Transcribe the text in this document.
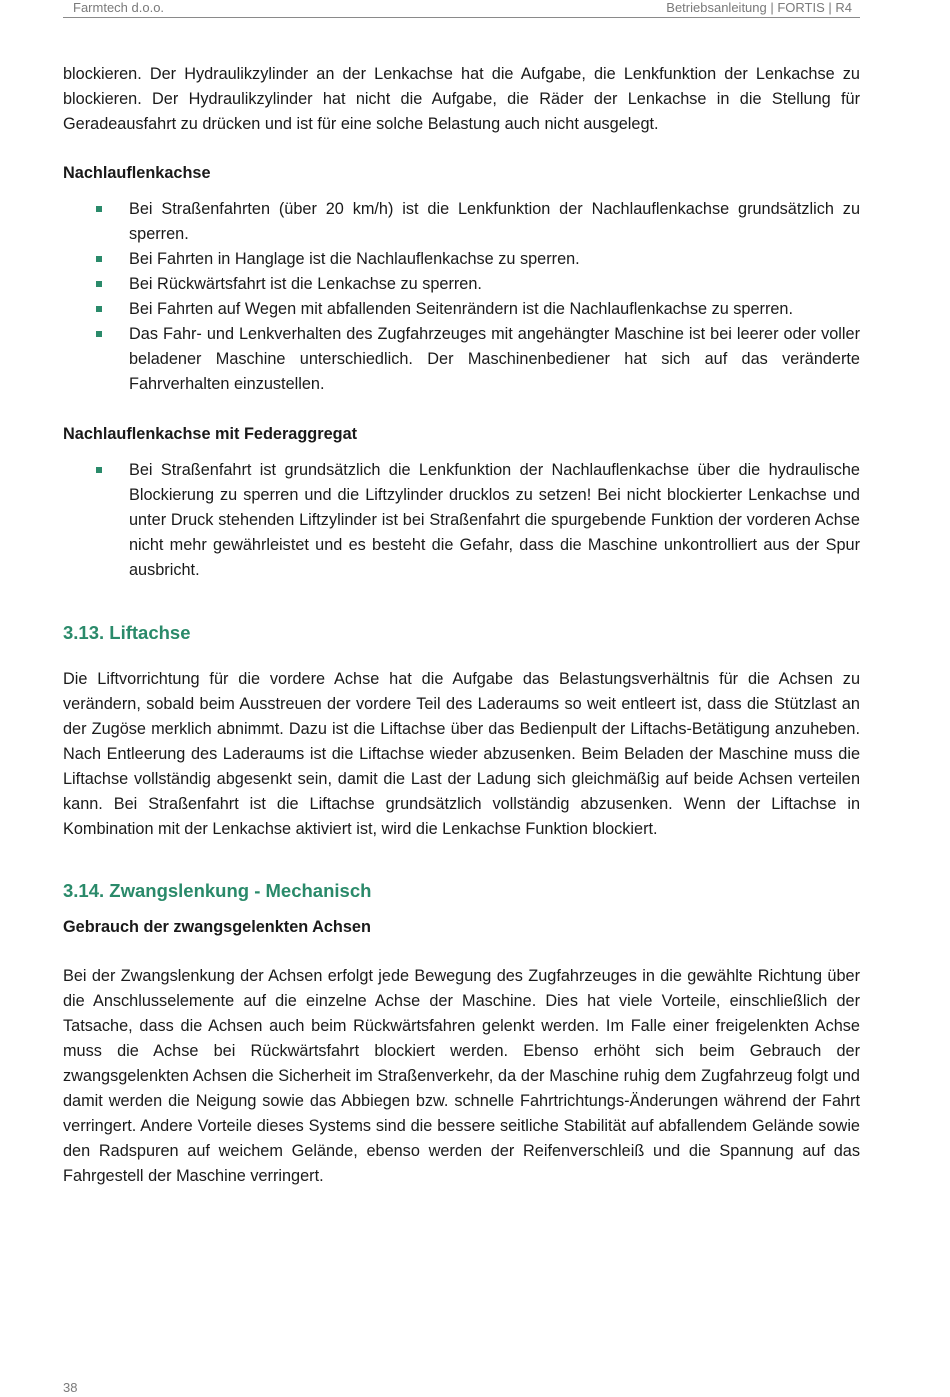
Farmtech d.o.o.	Betriebsanleitung | FORTIS | R4

blockieren. Der Hydraulikzylinder an der Lenkachse hat die Aufgabe, die Lenkfunktion der Lenkachse zu blockieren. Der Hydraulikzylinder hat nicht die Aufgabe, die Räder der Lenkachse in die Stellung für Geradeausfahrt zu drücken und ist für eine solche Belastung auch nicht ausgelegt.

Nachlauflenkachse
Bei Straßenfahrten (über 20 km/h) ist die Lenkfunktion der Nachlauflenkachse grundsätzlich zu sperren.
Bei Fahrten in Hanglage ist die Nachlauflenkachse zu sperren.
Bei Rückwärtsfahrt ist die Lenkachse zu sperren.
Bei Fahrten auf Wegen mit abfallenden Seitenrändern ist die Nachlauflenkachse zu sperren.
Das Fahr- und Lenkverhalten des Zugfahrzeuges mit angehängter Maschine ist bei leerer oder voller beladener Maschine unterschiedlich. Der Maschinenbediener hat sich auf das veränderte Fahrverhalten einzustellen.
Nachlauflenkachse mit Federaggregat
Bei Straßenfahrt ist grundsätzlich die Lenkfunktion der Nachlauflenkachse über die hydraulische Blockierung zu sperren und die Liftzylinder drucklos zu setzen! Bei nicht blockierter Lenkachse und unter Druck stehenden Liftzylinder ist bei Straßenfahrt die spurgebende Funktion der vorderen Achse nicht mehr gewährleistet und es besteht die Gefahr, dass die Maschine unkontrolliert aus der Spur ausbricht.
3.13. Liftachse

Die Liftvorrichtung für die vordere Achse hat die Aufgabe das Belastungsverhältnis für die Achsen zu verändern, sobald beim Ausstreuen der vordere Teil des Laderaums so weit entleert ist, dass die Stützlast an der Zugöse merklich abnimmt. Dazu ist die Liftachse über das Bedienpult der Liftachs-Betätigung anzuheben. Nach Entleerung des Laderaums ist die Liftachse wieder abzusenken. Beim Beladen der Maschine muss die Liftachse vollständig abgesenkt sein, damit die Last der Ladung sich gleichmäßig auf beide Achsen verteilen kann. Bei Straßenfahrt ist die Liftachse grundsätzlich vollständig abzusenken. Wenn der Liftachse in Kombination mit der Lenkachse aktiviert ist, wird die Lenkachse Funktion blockiert.

3.14. Zwangslenkung - Mechanisch
Gebrauch der zwangsgelenkten Achsen

Bei der Zwangslenkung der Achsen erfolgt jede Bewegung des Zugfahrzeuges in die gewählte Richtung über die Anschlusselemente auf die einzelne Achse der Maschine. Dies hat viele Vorteile, einschließlich der Tatsache, dass die Achsen auch beim Rückwärtsfahren gelenkt werden. Im Falle einer freigelenkten Achse muss die Achse bei Rückwärtsfahrt blockiert werden. Ebenso erhöht sich beim Gebrauch der zwangsgelenkten Achsen die Sicherheit im Straßenverkehr, da der Maschine ruhig dem Zugfahrzeug folgt und damit werden die Neigung sowie das Abbiegen bzw. schnelle Fahrtrichtungs-Änderungen während der Fahrt verringert. Andere Vorteile dieses Systems sind die bessere seitliche Stabilität auf abfallendem Gelände sowie den Radspuren auf weichem Gelände, ebenso werden der Reifenverschleiß und die Spannung auf das Fahrgestell der Maschine verringert.

38
